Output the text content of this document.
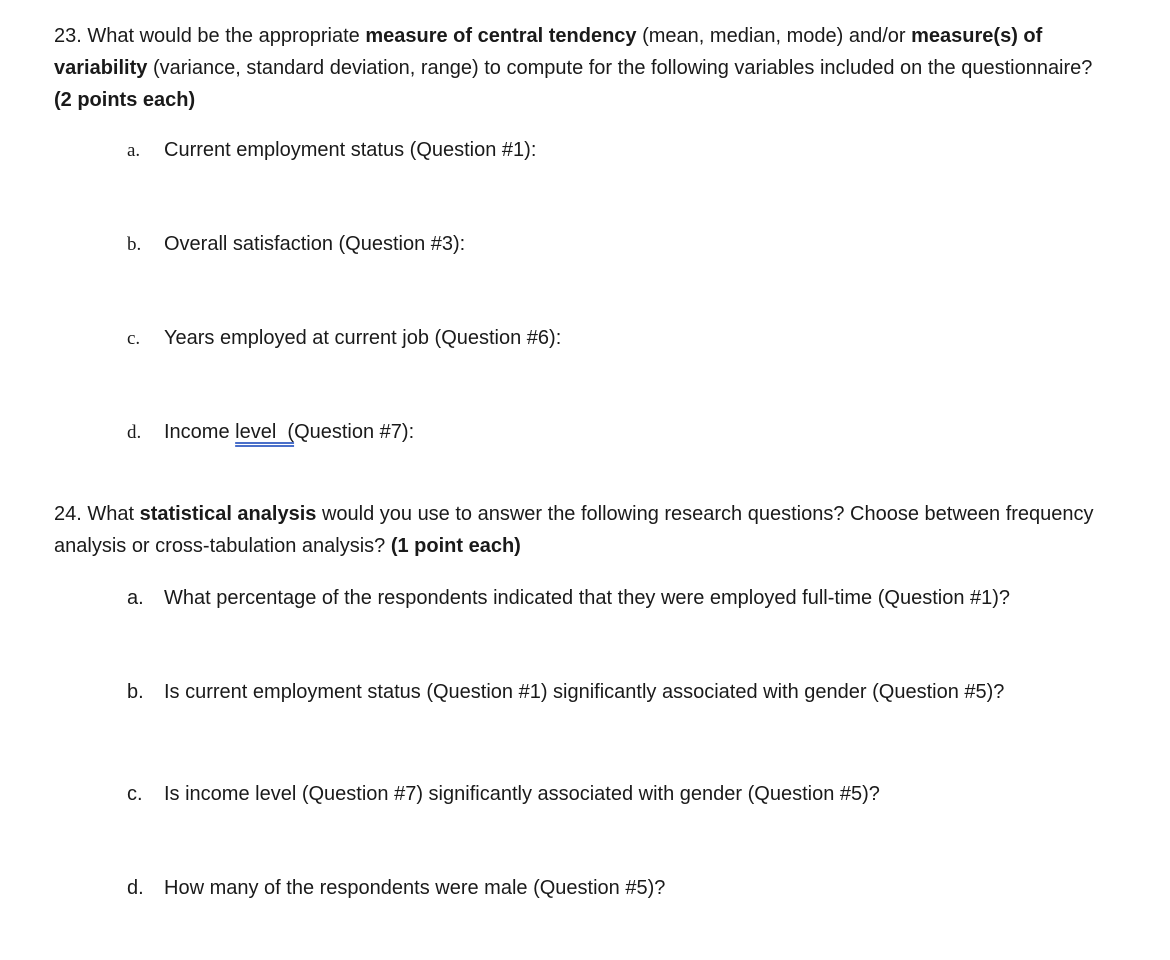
23. What would be the appropriate measure of central tendency (mean, median, mode) and/or measure(s) of variability (variance, standard deviation, range) to compute for the following variables included on the questionnaire?
(2 points each)
a. Current employment status (Question #1):
b. Overall satisfaction (Question #3):
c. Years employed at current job (Question #6):
d. Income level  (Question #7):
24. What statistical analysis would you use to answer the following research questions? Choose between frequency analysis or cross-tabulation analysis? (1 point each)
a. What percentage of the respondents indicated that they were employed full-time (Question #1)?
b. Is current employment status (Question #1) significantly associated with gender (Question #5)?
c. Is income level (Question #7) significantly associated with gender (Question #5)?
d. How many of the respondents were male (Question #5)?
